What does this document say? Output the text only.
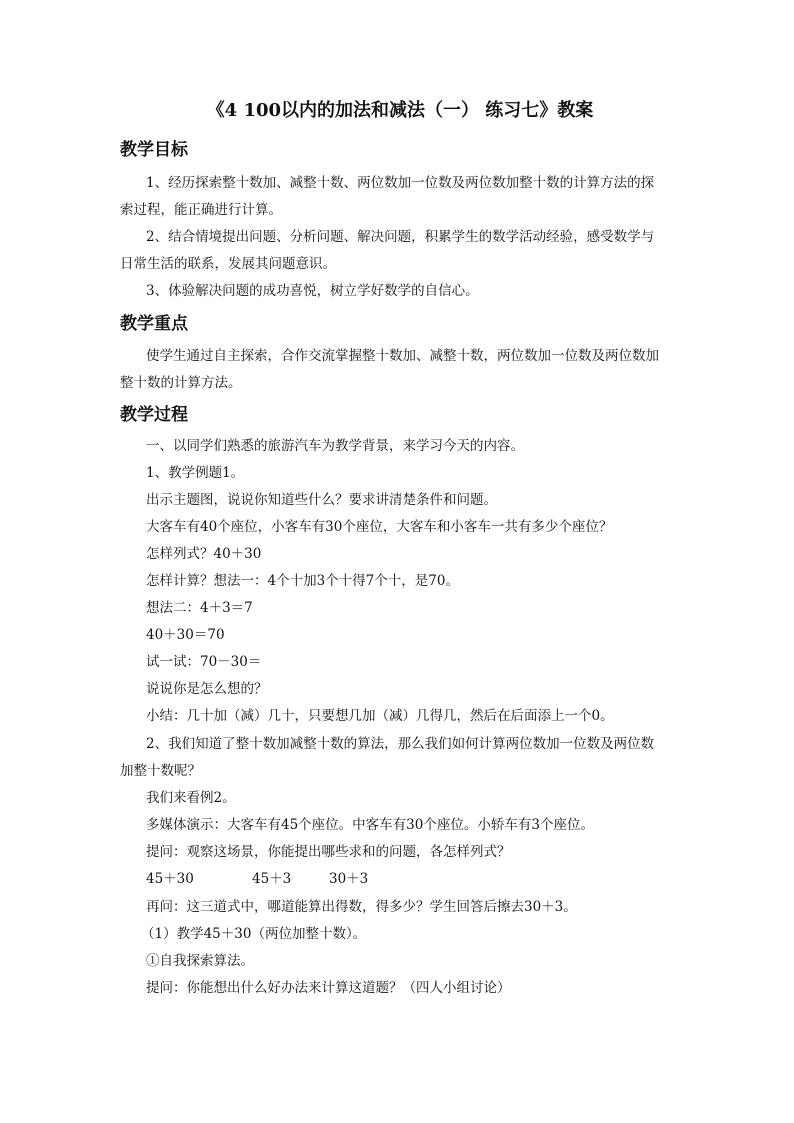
《4 100以内的加法和减法（一） 练习七》教案
教学目标
1、经历探索整十数加、减整十数、两位数加一位数及两位数加整十数的计算方法的探
索过程，能正确进行计算。
2、结合情境提出问题、分析问题、解决问题，积累学生的数学活动经验，感受数学与
日常生活的联系，发展其问题意识。
3、体验解决问题的成功喜悦，树立学好数学的自信心。
教学重点
使学生通过自主探索，合作交流掌握整十数加、减整十数，两位数加一位数及两位数加
整十数的计算方法。
教学过程
一、以同学们熟悉的旅游汽车为教学背景，来学习今天的内容。
1、教学例题1。
出示主题图，说说你知道些什么？要求讲清楚条件和问题。
大客车有40个座位，小客车有30个座位，大客车和小客车一共有多少个座位？
怎样列式？40＋30
怎样计算？想法一：4个十加3个十得7个十，是70。
想法二：4＋3＝7
40＋30＝70
试一试：70－30＝
说说你是怎么想的？
小结：几十加（减）几十，只要想几加（减）几得几，然后在后面添上一个0。
2、我们知道了整十数加减整十数的算法，那么我们如何计算两位数加一位数及两位数
加整十数呢？
我们来看例2。
多媒体演示：大客车有45个座位。中客车有30个座位。小轿车有3个座位。
提问：观察这场景，你能提出哪些求和的问题，各怎样列式？
45＋30	45＋3	30＋3
再问：这三道式中，哪道能算出得数，得多少？学生回答后擦去30＋3。
（1）教学45＋30（两位加整十数）。
①自我探索算法。
提问：你能想出什么好办法来计算这道题？（四人小组讨论）
